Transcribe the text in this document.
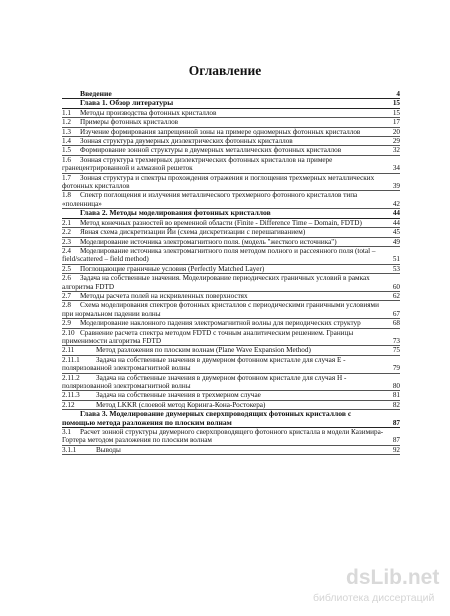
Оглавление
Введение	4
Глава 1. Обзор литературы	15
1.1 Методы производства фотонных кристаллов	15
1.2 Примеры фотонных кристаллов	17
1.3 Изучение формирования запрещенной зоны на примере одномерных фотонных кристаллов	20
1.4 Зонная структура двумерных диэлектрических фотонных кристаллов	29
1.5 Формирование зонной структуры в двумерных металлических фотонных кристаллов	32
1.6 Зонная структура трехмерных диэлектрических фотонных кристаллов на примере гранецентрированной и алмазной решеток	34
1.7 Зонная структура и спектры прохождения отражения и поглощения трехмерных металлических фотонных кристаллов	39
1.8 Спектр поглощения и излучения металлического трехмерного фотонного кристаллов типа «поленница»	42
Глава 2. Методы моделирования фотонных кристаллов	44
2.1 Метод конечных разностей во временной области (Finite - Difference Time – Domain, FDTD)	44
2.2 Явная схема дискретизации Йи (схема дискретизации с перешагиванием)	45
2.3 Моделирование источника электромагнитного поля. (модель "жесткого источника")	49
2.4 Моделирование источника электромагнитного поля методом полного и рассеянного поля (total – field/scattered – field method)	51
2.5 Поглощающие граничные условия (Perfectly Matched Layer)	53
2.6 Задача на собственные значения. Моделирование периодических граничных условий в рамках алгоритма FDTD	60
2.7 Методы расчета полей на искривленных поверхностях	62
2.8 Схема моделирования спектров фотонных кристаллов с периодическими граничными условиями при нормальном падении волны	67
2.9 Моделирование наклонного падения электромагнитной волны для периодических структур	68
2.10 Сравнение расчета спектра методом FDTD с точным аналитическим решением. Границы применимости алгоритма FDTD	73
2.11	Метод разложения по плоским волнам (Plane Wave Expansion Method)	75
2.11.1 Задача на собственные значения в двумерном фотонном кристалле для случая E - поляризованной электромагнитной волны	79
2.11.2 Задача на собственные значения в двумерном фотонном кристалле для случая H - поляризованной электромагнитной волны	80
2.11.3 Задача на собственные значения в трехмерном случае	81
2.12	Метод LKKR (слоевой метод Коринга-Кона-Ростокера)	82
Глава 3. Моделирование двумерных сверхпроводящих фотонных кристаллов с помощью метода разложения по плоским волнам	87
3.1 Расчет зонной структуры двумерного сверхпроводящего фотонного кристалла в модели Казимира-Гортера методом разложения по плоским волнам	87
3.1.1	Выводы	92
dsLib.net
библиотека диссертаций
